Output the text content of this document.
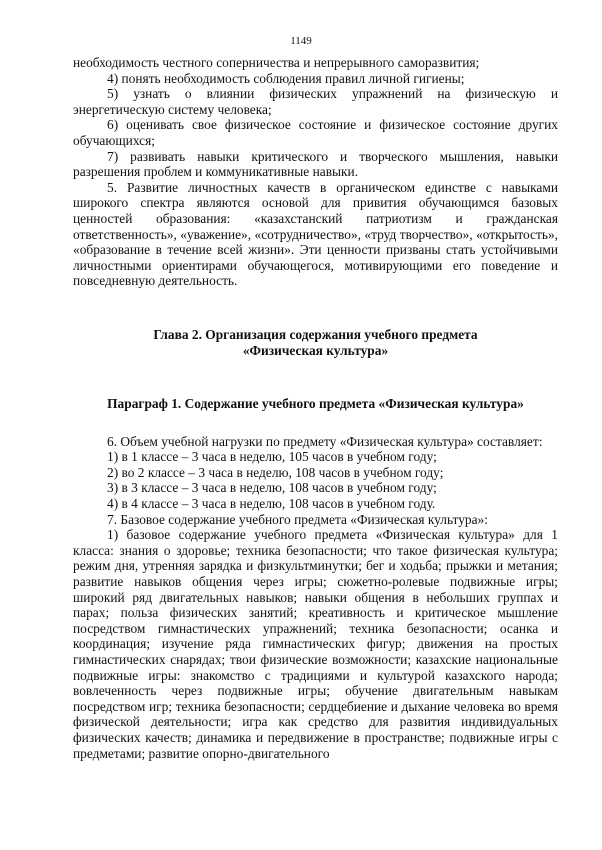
1149

необходимость честного соперничества и непрерывного саморазвития;

4) понять необходимость соблюдения правил личной гигиены;

5) узнать о влиянии физических упражнений на физическую и энергетическую систему человека;

6) оценивать свое физическое состояние и физическое состояние других обучающихся;

7) развивать навыки критического и творческого мышления, навыки разрешения проблем и коммуникативные навыки.

5. Развитие личностных качеств в органическом единстве с навыками широкого спектра являются основой для привития обучающимся базовых ценностей образования: «казахстанский патриотизм и гражданская ответственность», «уважение», «сотрудничество», «труд творчество», «открытость», «образование в течение всей жизни». Эти ценности призваны стать устойчивыми личностными ориентирами обучающегося, мотивирующими его поведение и повседневную деятельность.

Глава 2. Организация содержания учебного предмета
«Физическая культура»
Параграф 1. Содержание учебного предмета «Физическая культура»

6. Объем учебной нагрузки по предмету «Физическая культура» составляет:

1) в 1 классе – 3 часа в неделю, 105 часов в учебном году;

2) во 2 классе – 3 часа в неделю, 108 часов в учебном году;

3) в 3 классе – 3 часа в неделю, 108 часов в учебном году;

4) в 4 классе – 3 часа в неделю, 108 часов в учебном году.

7. Базовое содержание учебного предмета «Физическая культура»:

1) базовое содержание учебного предмета «Физическая культура» для 1 класса: знания о здоровье; техника безопасности; что такое физическая культура; режим дня, утренняя зарядка и физкультминутки; бег и ходьба; прыжки и метания; развитие навыков общения через игры; сюжетно-ролевые подвижные игры; широкий ряд двигательных навыков; навыки общения в небольших группах и парах; польза физических занятий; креативность и критическое мышление посредством гимнастических упражнений; техника безопасности; осанка и координация; изучение ряда гимнастических фигур; движения на простых гимнастических снарядах; твои физические возможности; казахские национальные подвижные игры: знакомство с традициями и культурой казахского народа; вовлеченность через подвижные игры; обучение двигательным навыкам посредством игр; техника безопасности; сердцебиение и дыхание человека во время физической деятельности; игра как средство для развития индивидуальных физических качеств; динамика и передвижение в пространстве; подвижные игры с предметами; развитие опорно-двигательного
